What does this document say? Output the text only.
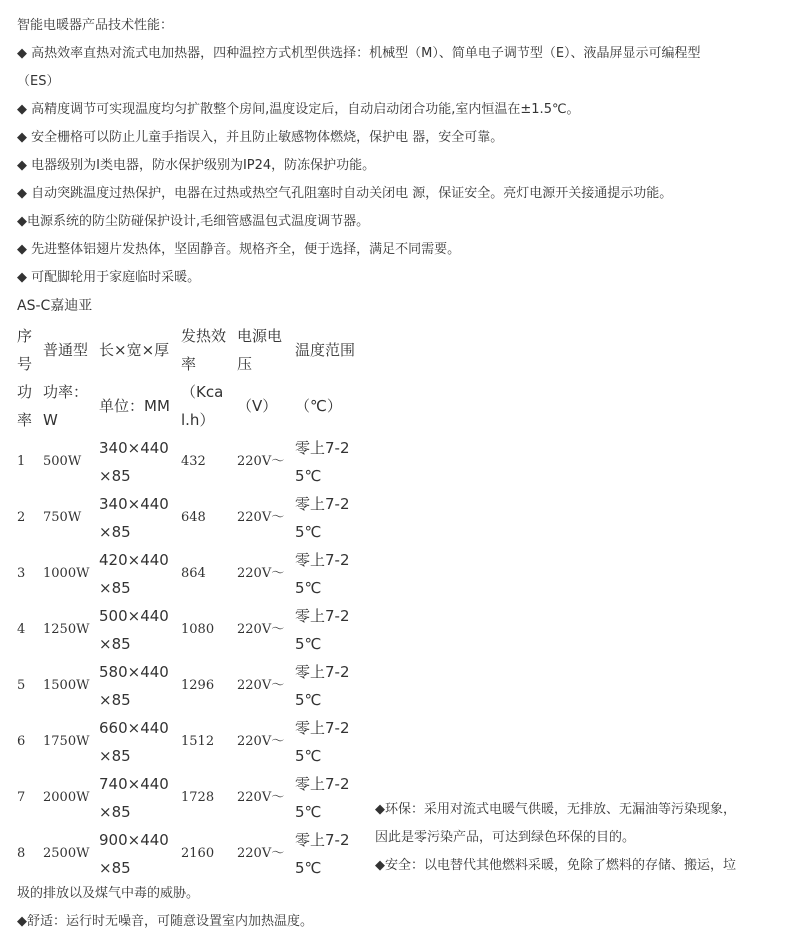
智能电暖器产品技术性能：
◆ 高热效率直热对流式电加热器，四种温控方式机型供选择：机械型（M）、简单电子调节型（E）、液晶屏显示可编程型
（ES）
◆ 高精度调节可实现温度均匀扩散整个房间,温度设定后，自动启动闭合功能,室内恒温在±1.5℃。
◆ 安全栅格可以防止儿童手指误入，并且防止敏感物体燃烧，保护电 器，安全可靠。
◆ 电器级别为I类电器，防水保护级别为IP24，防冻保护功能。
◆ 自动突跳温度过热保护，电器在过热或热空气孔阻塞时自动关闭电 源，保证安全。亮灯电源开关接通提示功能。
◆电源系统的防尘防碰保护设计,毛细管感温包式温度调节器。
◆ 先进整体铝翅片发热体，坚固静音。规格齐全，便于选择，满足不同需要。
◆ 可配脚轮用于家庭临时采暖。
AS-C嘉迪亚
序号	普通型	长×宽×厚	发热效率	电源电压	温度范围

功率	功率：W	单位：MM	（Kcal.h）	（V）	（℃）

1	500W	340×440×85	432	220V～	零上7-25℃

2	750W	340×440×85	648	220V～	零上7-25℃

3	1000W	420×440×85	864	220V～	零上7-25℃

4	1250W	500×440×85	1080	220V～	零上7-25℃

5	1500W	580×440×85	1296	220V～	零上7-25℃

6	1750W	660×440×85	1512	220V～	零上7-25℃

7	2000W	740×440×85	1728	220V～	零上7-25℃

8	2500W	900×440×85	2160	220V～	零上7-25℃
◆环保：采用对流式电暖气供暖，无排放、无漏油等污染现象，
因此是零污染产品，可达到绿色环保的目的。
◆安全：以电替代其他燃料采暖，免除了燃料的存储、搬运，垃
圾的排放以及煤气中毒的威胁。
◆舒适：运行时无噪音，可随意设置室内加热温度。
